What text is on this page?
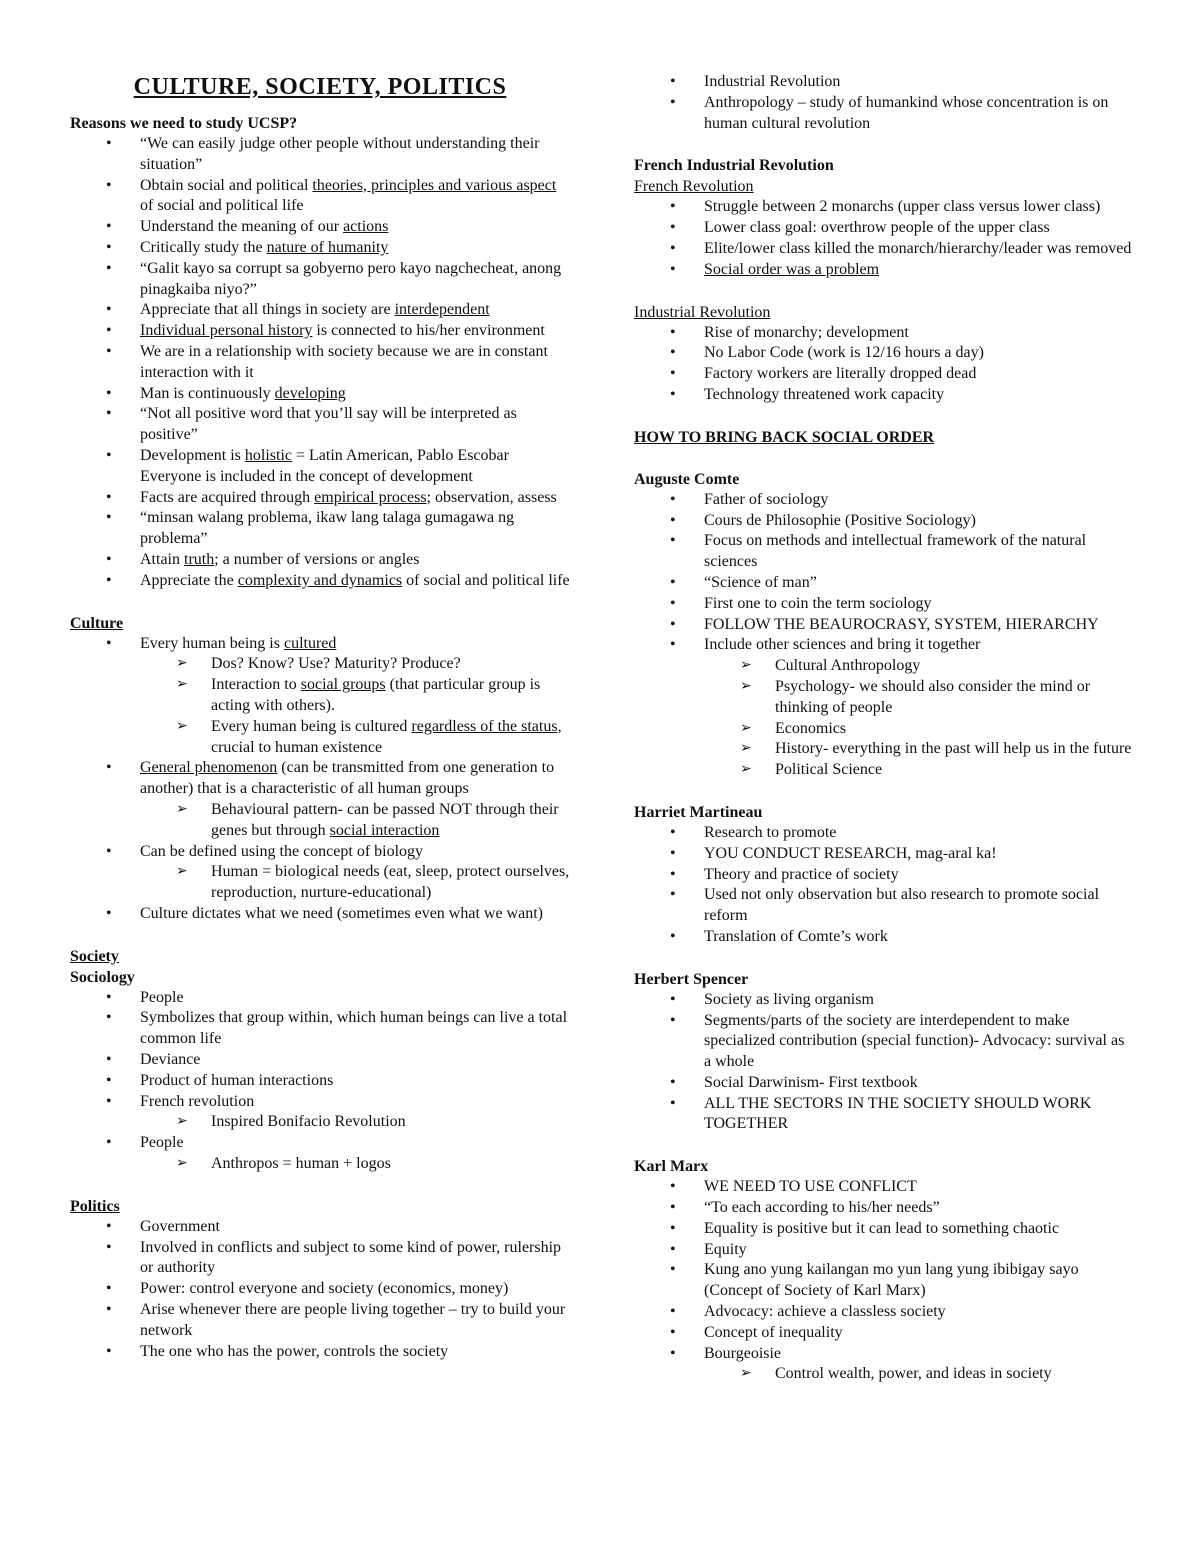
CULTURE, SOCIETY, POLITICS
Reasons we need to study UCSP?
• “We can easily judge other people without understanding their situation”
• Obtain social and political theories, principles and various aspect of social and political life
• Understand the meaning of our actions
• Critically study the nature of humanity
• “Galit kayo sa corrupt sa gobyerno pero kayo nagchecheat, anong pinagkaiba niyo?”
• Appreciate that all things in society are interdependent
• Individual personal history is connected to his/her environment
• We are in a relationship with society because we are in constant interaction with it
• Man is continuously developing
• “Not all positive word that you’ll say will be interpreted as positive”
• Development is holistic = Latin American, Pablo Escobar Everyone is included in the concept of development
• Facts are acquired through empirical process; observation, assess
• “minsan walang problema, ikaw lang talaga gumagawa ng problema”
• Attain truth; a number of versions or angles
• Appreciate the complexity and dynamics of social and political life
Culture
• Every human being is cultured
➢ Dos? Know? Use? Maturity? Produce?
➢ Interaction to social groups (that particular group is acting with others).
➢ Every human being is cultured regardless of the status, crucial to human existence
• General phenomenon (can be transmitted from one generation to another) that is a characteristic of all human groups
➢ Behavioural pattern- can be passed NOT through their genes but through social interaction
• Can be defined using the concept of biology
➢ Human = biological needs (eat, sleep, protect ourselves, reproduction, nurture-educational)
• Culture dictates what we need (sometimes even what we want)
Society
Sociology
• People
• Symbolizes that group within, which human beings can live a total common life
• Deviance
• Product of human interactions
• French revolution
➢ Inspired Bonifacio Revolution
• People
➢ Anthropos = human + logos
Politics
• Government
• Involved in conflicts and subject to some kind of power, rulership or authority
• Power: control everyone and society (economics, money)
• Arise whenever there are people living together – try to build your network
• The one who has the power, controls the society
• Industrial Revolution
• Anthropology – study of humankind whose concentration is on human cultural revolution
French Industrial Revolution
French Revolution
• Struggle between 2 monarchs (upper class versus lower class)
• Lower class goal: overthrow people of the upper class
• Elite/lower class killed the monarch/hierarchy/leader was removed
• Social order was a problem
Industrial Revolution
• Rise of monarchy; development
• No Labor Code (work is 12/16 hours a day)
• Factory workers are literally dropped dead
• Technology threatened work capacity
HOW TO BRING BACK SOCIAL ORDER
Auguste Comte
• Father of sociology
• Cours de Philosophie (Positive Sociology)
• Focus on methods and intellectual framework of the natural sciences
• “Science of man”
• First one to coin the term sociology
• FOLLOW THE BEAUROCRASY, SYSTEM, HIERARCHY
• Include other sciences and bring it together
➢ Cultural Anthropology
➢ Psychology- we should also consider the mind or thinking of people
➢ Economics
➢ History- everything in the past will help us in the future
➢ Political Science
Harriet Martineau
• Research to promote
• YOU CONDUCT RESEARCH, mag-aral ka!
• Theory and practice of society
• Used not only observation but also research to promote social reform
• Translation of Comte’s work
Herbert Spencer
• Society as living organism
• Segments/parts of the society are interdependent to make specialized contribution (special function)- Advocacy: survival as a whole
• Social Darwinism- First textbook
• ALL THE SECTORS IN THE SOCIETY SHOULD WORK TOGETHER
Karl Marx
• WE NEED TO USE CONFLICT
• “To each according to his/her needs”
• Equality is positive but it can lead to something chaotic
• Equity
• Kung ano yung kailangan mo yun lang yung ibibigay sayo (Concept of Society of Karl Marx)
• Advocacy: achieve a classless society
• Concept of inequality
• Bourgeoisie
➢ Control wealth, power, and ideas in society
